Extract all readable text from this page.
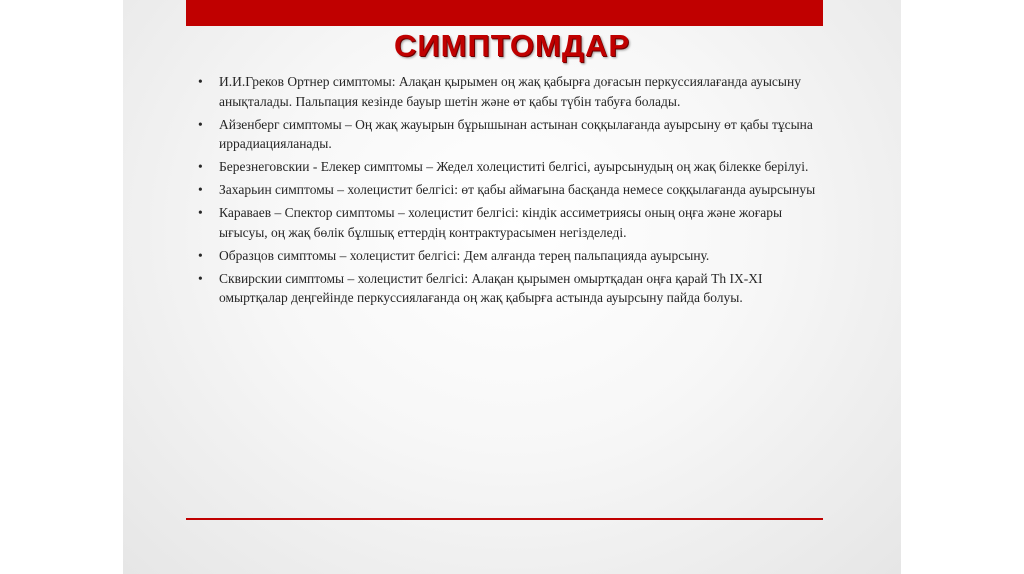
СИМПТОМДАР
• И.И.Греков Ортнер симптомы: Алақан қырымен оң жақ қабырға доғасын перкуссиялағанда ауысыну анықталады. Пальпация кезінде бауыр шетін және өт қабы түбін табуға болады.
• Айзенберг симптомы – Оң жақ жауырын бұрышынан астынан соққылағанда ауырсыну өт қабы тұсына иррадиацияланады.
• Березнеговскии - Елекер симптомы – Жедел холециститі белгісі, ауырсынудың оң жақ білекке берілуі.
• Захарьин симптомы – холецистит белгісі: өт қабы аймағына басқанда немесе соққылағанда ауырсынуы
• Караваев – Спектор симптомы – холецистит белгісі: кіндік ассиметриясы оның оңға және жоғары ығысуы, оң жақ бөлік бұлшық еттердің контрактурасымен негізделеді.
• Образцов симптомы – холецистит белгісі: Дем алғанда терең пальпацияда ауырсыну.
• Сквирскии симптомы – холецистит белгісі: Алақан қырымен омыртқадан оңға қарай Th IX-XI омыртқалар деңгейінде перкуссиялағанда оң жақ қабырға астында ауырсыну пайда болуы.
